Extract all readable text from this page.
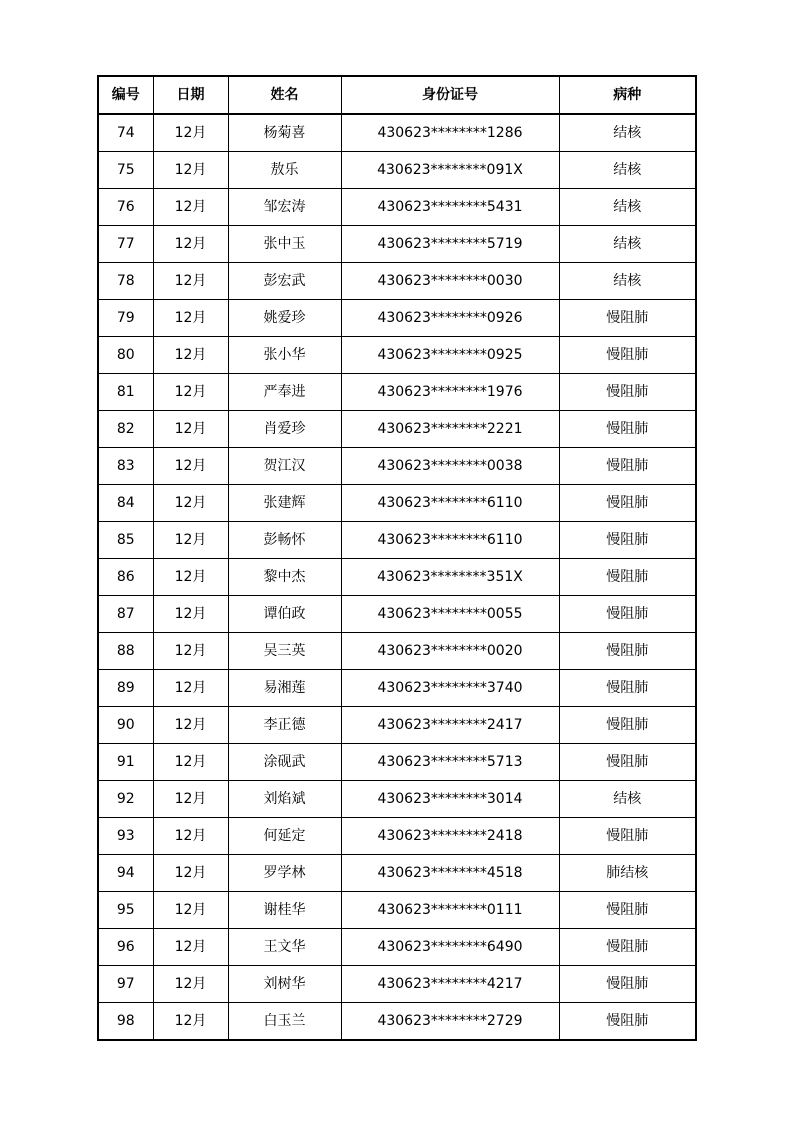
编号	日期	姓名	身份证号	病种
74	12月	杨菊喜	430623********1286	结核
75	12月	敖乐	430623********091X	结核
76	12月	邹宏涛	430623********5431	结核
77	12月	张中玉	430623********5719	结核
78	12月	彭宏武	430623********0030	结核
79	12月	姚爱珍	430623********0926	慢阻肺
80	12月	张小华	430623********0925	慢阻肺
81	12月	严奉进	430623********1976	慢阻肺
82	12月	肖爱珍	430623********2221	慢阻肺
83	12月	贺江汉	430623********0038	慢阻肺
84	12月	张建辉	430623********6110	慢阻肺
85	12月	彭畅怀	430623********6110	慢阻肺
86	12月	黎中杰	430623********351X	慢阻肺
87	12月	谭伯政	430623********0055	慢阻肺
88	12月	吴三英	430623********0020	慢阻肺
89	12月	易湘莲	430623********3740	慢阻肺
90	12月	李正德	430623********2417	慢阻肺
91	12月	涂砚武	430623********5713	慢阻肺
92	12月	刘焰斌	430623********3014	结核
93	12月	何延定	430623********2418	慢阻肺
94	12月	罗学林	430623********4518	肺结核
95	12月	谢桂华	430623********0111	慢阻肺
96	12月	王文华	430623********6490	慢阻肺
97	12月	刘树华	430623********4217	慢阻肺
98	12月	白玉兰	430623********2729	慢阻肺
